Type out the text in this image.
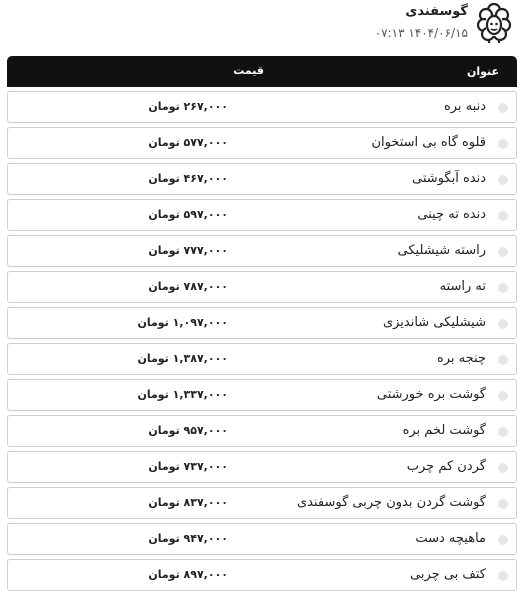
گوسفندی
۰۷:۱۳ ۱۴۰۴/۰۶/۱۵
عنوان
قیمت
دنبه بره
۲۶۷,۰۰۰ تومان
قلوه گاه بی استخوان
۵۷۷,۰۰۰ تومان
دنده آبگوشتی
۴۶۷,۰۰۰ تومان
دنده ته چینی
۵۹۷,۰۰۰ تومان
راسته شیشلیکی
۷۷۷,۰۰۰ تومان
ته راسته
۷۸۷,۰۰۰ تومان
شیشلیکی شاندیزی
۱,۰۹۷,۰۰۰ تومان
چنجه بره
۱,۳۸۷,۰۰۰ تومان
گوشت بره خورشتی
۱,۳۳۷,۰۰۰ تومان
گوشت لخم بره
۹۵۷,۰۰۰ تومان
گردن کم چرب
۷۳۷,۰۰۰ تومان
گوشت گردن بدون چربی گوسفندی
۸۳۷,۰۰۰ تومان
ماهیچه دست
۹۴۷,۰۰۰ تومان
کتف بی چربی
۸۹۷,۰۰۰ تومان
